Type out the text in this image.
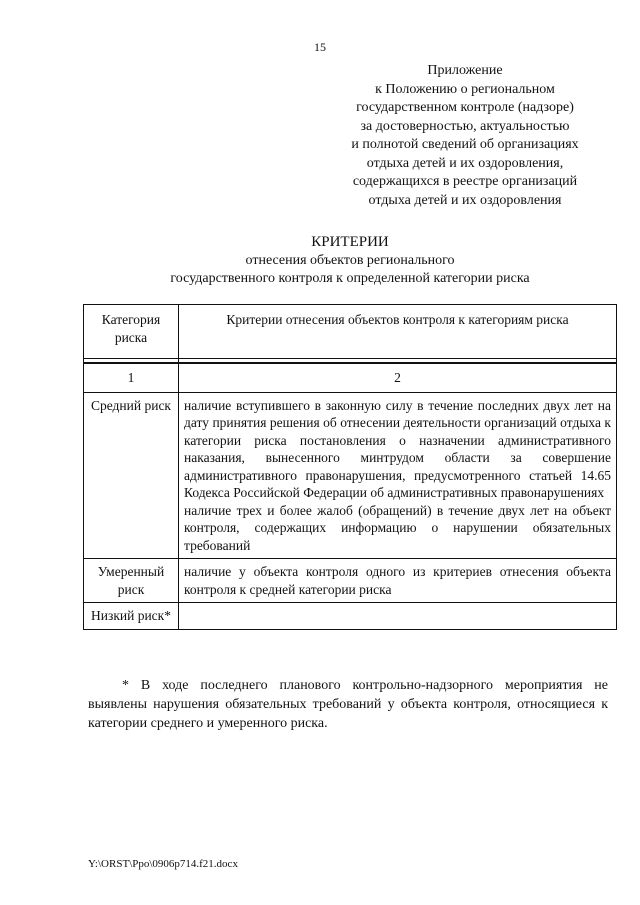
15
Приложение
к Положению о региональном
государственном контроле (надзоре)
за достоверностью, актуальностью
и полнотой сведений об организациях
отдыха детей и их оздоровления,
содержащихся в реестре организаций
отдыха детей и их оздоровления
КРИТЕРИИ
отнесения объектов регионального
государственного контроля к определенной категории риска
Категория риска	Критерии отнесения объектов контроля к категориям риска

1	2
Средний риск	наличие вступившего в законную силу в течение последних двух лет на дату принятия решения об отнесении деятельности организаций отдыха к категории риска постановления о назначении административного наказания, вынесенного минтрудом области за совершение административного правонарушения, предусмотренного статьей 14.65 Кодекса Российской Федерации об административных правонарушениях
наличие трех и более жалоб (обращений) в течение двух лет на объект контроля, содержащих информацию о нарушении обязательных требований

Умеренный риск	наличие у объекта контроля одного из критериев отнесения объекта контроля к средней категории риска

Низкий риск*	
* В ходе последнего планового контрольно-надзорного мероприятия не выявлены нарушения обязательных требований у объекта контроля, относящиеся к категории среднего и умеренного риска.
Y:\ORST\Ppo\0906p714.f21.docx
